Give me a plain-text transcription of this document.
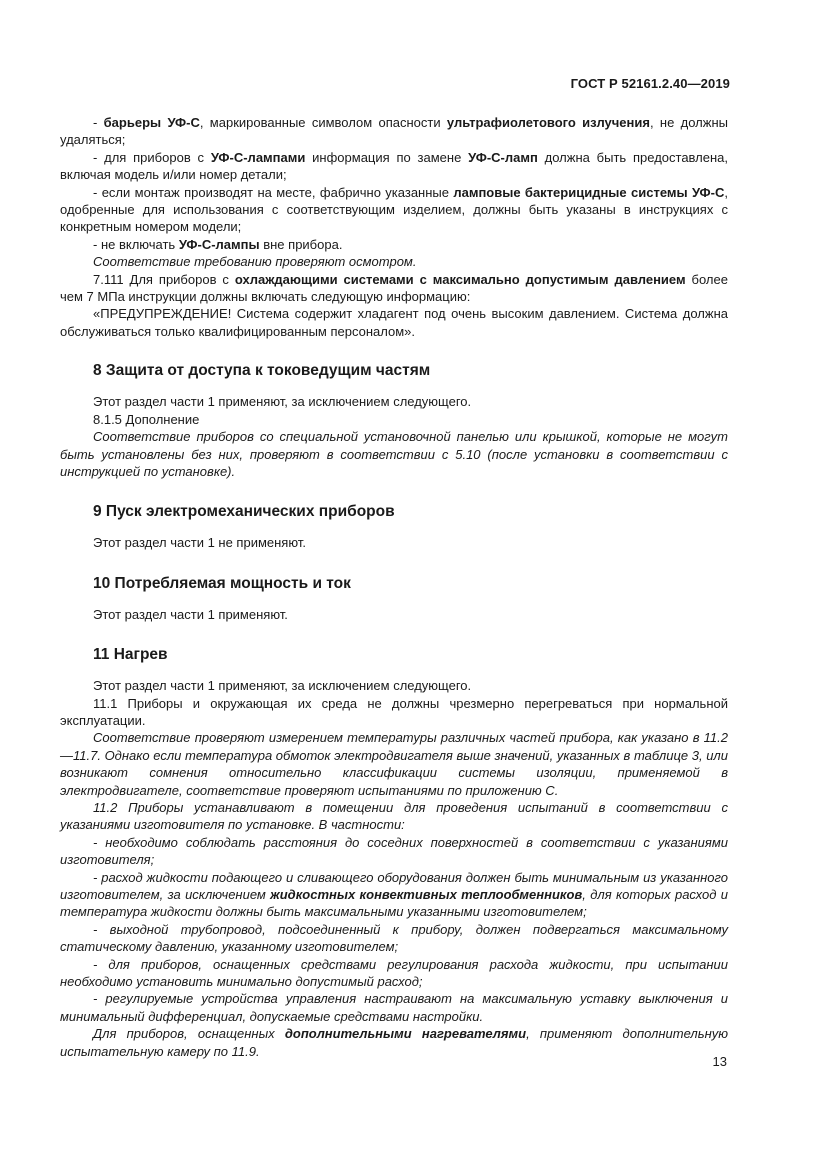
ГОСТ Р 52161.2.40—2019

- барьеры УФ-С, маркированные символом опасности ультрафиолетового излучения, не должны удаляться;

- для приборов с УФ-С-лампами информация по замене УФ-С-ламп должна быть предоставлена, включая модель и/или номер детали;

- если монтаж производят на месте, фабрично указанные ламповые бактерицидные системы УФ-С, одобренные для использования с соответствующим изделием, должны быть указаны в инструкциях с конкретным номером модели;

- не включать УФ-С-лампы вне прибора.

Соответствие требованию проверяют осмотром.

7.111 Для приборов с охлаждающими системами с максимально допустимым давлением более чем 7 МПа инструкции должны включать следующую информацию:

«ПРЕДУПРЕЖДЕНИЕ! Система содержит хладагент под очень высоким давлением. Система должна обслуживаться только квалифицированным персоналом».

8 Защита от доступа к токоведущим частям

Этот раздел части 1 применяют, за исключением следующего.

8.1.5 Дополнение

Соответствие приборов со специальной установочной панелью или крышкой, которые не могут быть установлены без них, проверяют в соответствии с 5.10 (после установки в соответствии с инструкцией по установке).

9 Пуск электромеханических приборов

Этот раздел части 1 не применяют.

10 Потребляемая мощность и ток

Этот раздел части 1 применяют.

11 Нагрев

Этот раздел части 1 применяют, за исключением следующего.

11.1 Приборы и окружающая их среда не должны чрезмерно перегреваться при нормальной эксплуатации.

Соответствие проверяют измерением температуры различных частей прибора, как указано в 11.2—11.7. Однако если температура обмоток электродвигателя выше значений, указанных в таблице 3, или возникают сомнения относительно классификации системы изоляции, применяемой в электродвигателе, соответствие проверяют испытаниями по приложению С.

11.2 Приборы устанавливают в помещении для проведения испытаний в соответствии с указаниями изготовителя по установке. В частности:

- необходимо соблюдать расстояния до соседних поверхностей в соответствии с указаниями изготовителя;

- расход жидкости подающего и сливающего оборудования должен быть минимальным из указанного изготовителем, за исключением жидкостных конвективных теплообменников, для которых расход и температура жидкости должны быть максимальными указанными изготовителем;

- выходной трубопровод, подсоединенный к прибору, должен подвергаться максимальному статическому давлению, указанному изготовителем;

- для приборов, оснащенных средствами регулирования расхода жидкости, при испытании необходимо установить минимально допустимый расход;

- регулируемые устройства управления настраивают на максимальную уставку выключения и минимальный дифференциал, допускаемые средствами настройки.

Для приборов, оснащенных дополнительными нагревателями, применяют дополнительную испытательную камеру по 11.9.

13
